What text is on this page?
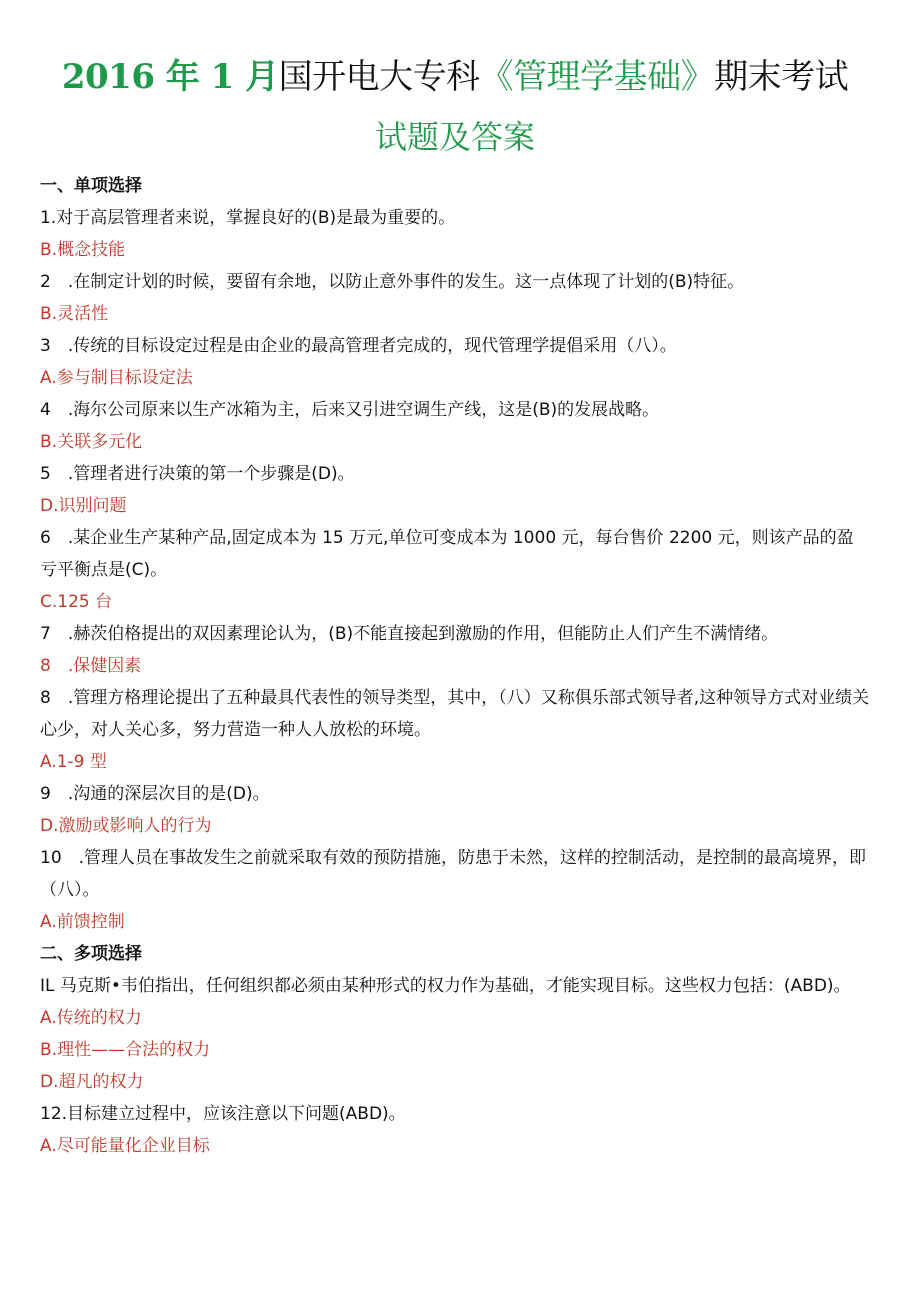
2016 年 1 月国开电大专科《管理学基础》期末考试
试题及答案
一、单项选择

1.对于高层管理者来说，掌握良好的(B)是最为重要的。

B.概念技能

2　.在制定计划的时候，要留有余地，以防止意外事件的发生。这一点体现了计划的(B)特征。

B.灵活性

3　.传统的目标设定过程是由企业的最高管理者完成的，现代管理学提倡采用（八）。

A.参与制目标设定法

4　.海尔公司原来以生产冰箱为主，后来又引进空调生产线，这是(B)的发展战略。

B.关联多元化

5　.管理者进行决策的第一个步骤是(D)。

D.识别问题

6　.某企业生产某种产品,固定成本为 15 万元,单位可变成本为 1000 元，每台售价 2200 元，则该产品的盈亏平衡点是(C)。

C.125 台

7　.赫茨伯格提出的双因素理论认为，(B)不能直接起到激励的作用，但能防止人们产生不满情绪。

8　.保健因素

8　.管理方格理论提出了五种最具代表性的领导类型，其中，（八）又称俱乐部式领导者,这种领导方式对业绩关心少，对人关心多，努力营造一种人人放松的环境。

A.1-9 型

9　.沟通的深层次目的是(D)。

D.激励或影响人的行为

10　.管理人员在事故发生之前就采取有效的预防措施，防患于未然，这样的控制活动，是控制的最高境界，即（八）。

A.前馈控制

二、多项选择

IL 马克斯•韦伯指出，任何组织都必须由某种形式的权力作为基础，才能实现目标。这些权力包括：(ABD)。

A.传统的权力

B.理性——合法的权力

D.超凡的权力

12.目标建立过程中，应该注意以下问题(ABD)。

A.尽可能量化企业目标
